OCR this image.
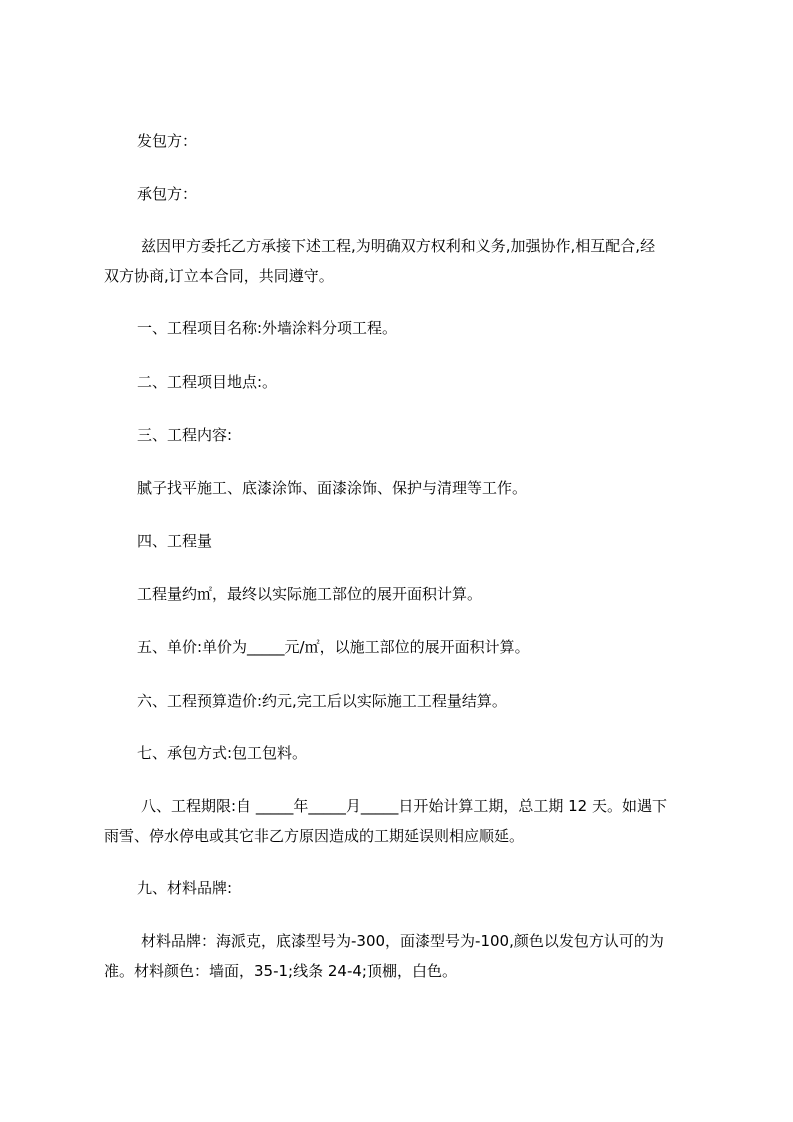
发包方：
承包方：
兹因甲方委托乙方承接下述工程,为明确双方权利和义务,加强协作,相互配合,经
双方协商,订立本合同，共同遵守。
一、工程项目名称:外墙涂料分项工程。
二、工程项目地点:。
三、工程内容:
腻子找平施工、底漆涂饰、面漆涂饰、保护与清理等工作。
四、工程量
工程量约㎡，最终以实际施工部位的展开面积计算。
五、单价:单价为_____元/㎡，以施工部位的展开面积计算。
六、工程预算造价:约元,完工后以实际施工工程量结算。
七、承包方式:包工包料。
八、工程期限:自 _____年_____月_____日开始计算工期，总工期 12 天。如遇下
雨雪、停水停电或其它非乙方原因造成的工期延误则相应顺延。
九、材料品牌:
材料品牌：海派克，底漆型号为-300，面漆型号为-100,颜色以发包方认可的为
准。材料颜色：墙面，35-1;线条 24-4;顶棚，白色。
